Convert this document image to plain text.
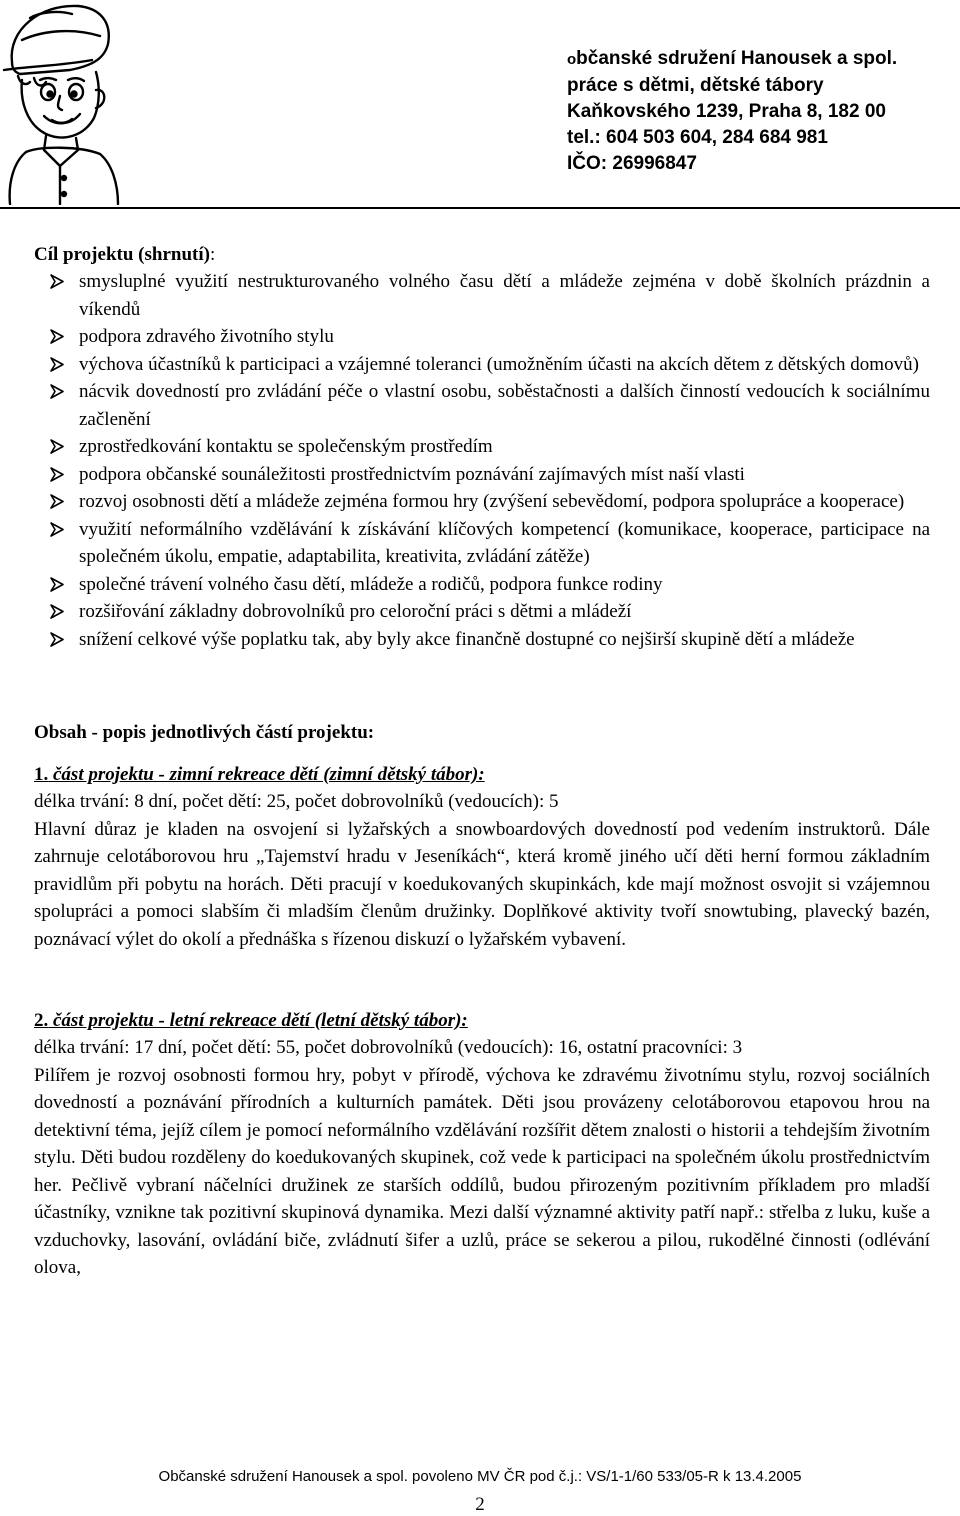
občanské sdružení Hanousek a spol.
práce s dětmi, dětské tábory
Kaňkovského 1239, Praha 8, 182 00
tel.: 604 503 604, 284 684 981
IČO: 26996847
Cíl projektu (shrnutí):
smysluplné využití nestrukturovaného volného času dětí a mládeže zejména v době školních prázdnin a víkendů
podpora zdravého životního stylu
výchova účastníků k participaci a vzájemné toleranci (umožněním účasti na akcích dětem z dětských domovů)
nácvik dovedností pro zvládání péče o vlastní osobu, soběstačnosti a dalších činností vedoucích k sociálnímu začlenění
zprostředkování kontaktu se společenským prostředím
podpora občanské sounáležitosti prostřednictvím poznávání zajímavých míst naší vlasti
rozvoj osobnosti dětí a mládeže zejména formou hry (zvýšení sebevědomí, podpora spolupráce a kooperace)
využití neformálního vzdělávání k získávání klíčových kompetencí (komunikace, kooperace, participace na společném úkolu, empatie, adaptabilita, kreativita, zvládání zátěže)
společné trávení volného času dětí, mládeže a rodičů, podpora funkce rodiny
rozšiřování základny dobrovolníků pro celoroční práci s dětmi a mládeží
snížení celkové výše poplatku tak, aby byly akce finančně dostupné co nejširší skupině dětí a mládeže
Obsah - popis jednotlivých částí projektu:
1. část projektu - zimní rekreace dětí (zimní dětský tábor):
délka trvání: 8 dní, počet dětí: 25, počet dobrovolníků (vedoucích): 5
Hlavní důraz je kladen na osvojení si lyžařských a snowboardových dovedností pod vedením instruktorů. Dále zahrnuje celotáborovou hru „Tajemství hradu v Jeseníkách“, která kromě jiného učí děti herní formou základním pravidlům při pobytu na horách. Děti pracují v koedukovaných skupinkách, kde mají možnost osvojit si vzájemnou spolupráci a pomoci slabším či mladším členům družinky. Doplňkové aktivity tvoří snowtubing, plavecký bazén, poznávací výlet do okolí a přednáška s řízenou diskuzí o lyžařském vybavení.
2. část projektu - letní rekreace dětí (letní dětský tábor):
délka trvání: 17 dní, počet dětí: 55, počet dobrovolníků (vedoucích): 16, ostatní pracovníci: 3
Pilířem je rozvoj osobnosti formou hry, pobyt v přírodě, výchova ke zdravému životnímu stylu, rozvoj sociálních dovedností a poznávání přírodních a kulturních památek. Děti jsou provázeny celotáborovou etapovou hrou na detektivní téma, jejíž cílem je pomocí neformálního vzdělávání rozšířit dětem znalosti o historii a tehdejším životním stylu. Děti budou rozděleny do koedukovaných skupinek, což vede k participaci na společném úkolu prostřednictvím her. Pečlivě vybraní náčelníci družinek ze starších oddílů, budou přirozeným pozitivním příkladem pro mladší účastníky, vznikne tak pozitivní skupinová dynamika. Mezi další významné aktivity patří např.: střelba z luku, kuše a vzduchovky, lasování, ovládání biče, zvládnutí šifer a uzlů, práce se sekerou a pilou, rukodělné činnosti (odlévání olova,
Občanské sdružení Hanousek a spol. povoleno MV ČR pod č.j.: VS/1-1/60 533/05-R k 13.4.2005
2
